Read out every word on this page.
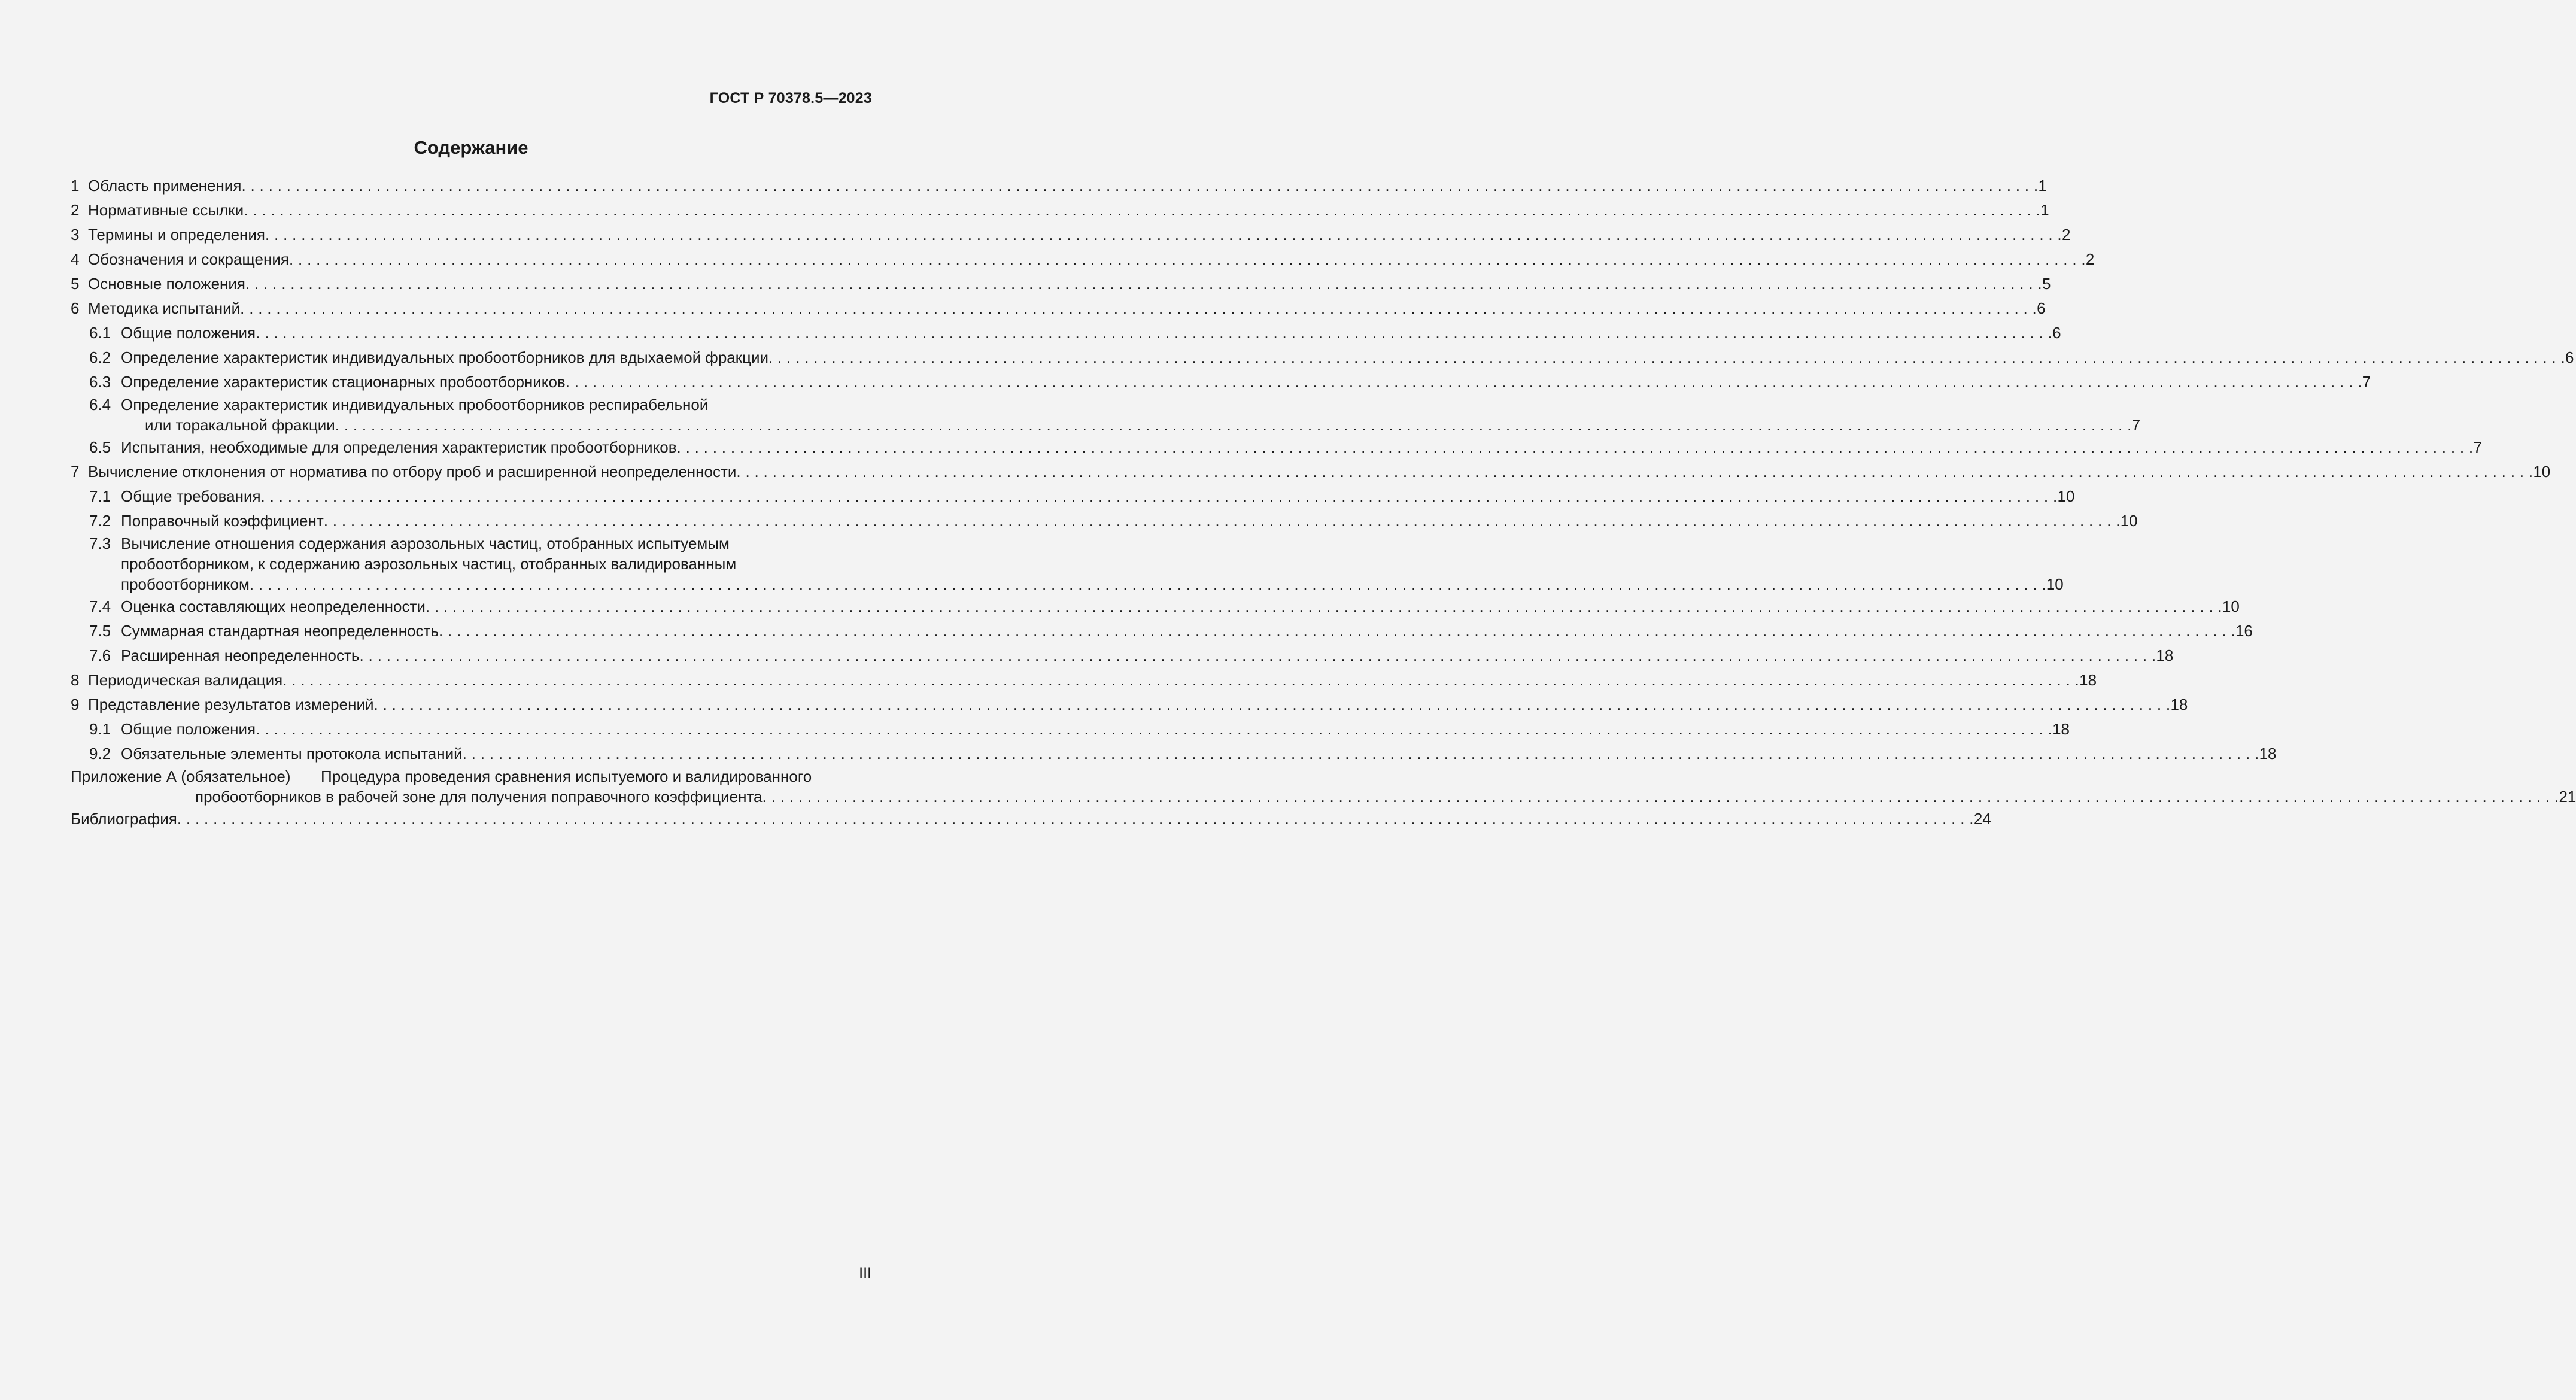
ГОСТ Р 70378.5—2023
Содержание
1 Область применения . . . . . . . . . . . . . . . . . . . . . . . . . . . . . . . . . . . . . . . . . . . . . . . . . . . . . . . . . . . . . . . . . . . . . . . . . . . . . . . . . . . . . . . . . . . . . . . . . . . . . . . . . . . . . . . . . . . . . . . . . . . . . . . . . . . . . . . . . . . . . . . . . . . . . . . . . . . . . . . . . . . . . . . . . . . . . . . . . . . . . . . . . . . . . . . . . . . . . . . . 1
2 Нормативные ссылки . . . . . . . . . . . . . . . . . . . . . . . . . . . . . . . . . . . . . . . . . . . . . . . . . . . . . . . . . . . . . . . . . . . . . . . . . . . . . . . . . . . . . . . . . . . . . . . . . . . . . . . . . . . . . . . . . . . . . . . . . . . . . . . . . . . . . . . . . . . . . . . . . . . . . . . . . . . . . . . . . . . . . . . . . . . . . . . . . . . . . . . . . . . . . . . . . . . . . . . . 1
3 Термины и определения . . . . . . . . . . . . . . . . . . . . . . . . . . . . . . . . . . . . . . . . . . . . . . . . . . . . . . . . . . . . . . . . . . . . . . . . . . . . . . . . . . . . . . . . . . . . . . . . . . . . . . . . . . . . . . . . . . . . . . . . . . . . . . . . . . . . . . . . . . . . . . . . . . . . . . . . . . . . . . . . . . . . . . . . . . . . . . . . . . . . . . . . . . . . . . . . . . . . . . . . 2
4 Обозначения и сокращения . . . . . . . . . . . . . . . . . . . . . . . . . . . . . . . . . . . . . . . . . . . . . . . . . . . . . . . . . . . . . . . . . . . . . . . . . . . . . . . . . . . . . . . . . . . . . . . . . . . . . . . . . . . . . . . . . . . . . . . . . . . . . . . . . . . . . . . . . . . . . . . . . . . . . . . . . . . . . . . . . . . . . . . . . . . . . . . . . . . . . . . . . . . . . . . . . . . . . . . . 2
5 Основные положения . . . . . . . . . . . . . . . . . . . . . . . . . . . . . . . . . . . . . . . . . . . . . . . . . . . . . . . . . . . . . . . . . . . . . . . . . . . . . . . . . . . . . . . . . . . . . . . . . . . . . . . . . . . . . . . . . . . . . . . . . . . . . . . . . . . . . . . . . . . . . . . . . . . . . . . . . . . . . . . . . . . . . . . . . . . . . . . . . . . . . . . . . . . . . . . . . . . . . . . . 5
6 Методика испытаний . . . . . . . . . . . . . . . . . . . . . . . . . . . . . . . . . . . . . . . . . . . . . . . . . . . . . . . . . . . . . . . . . . . . . . . . . . . . . . . . . . . . . . . . . . . . . . . . . . . . . . . . . . . . . . . . . . . . . . . . . . . . . . . . . . . . . . . . . . . . . . . . . . . . . . . . . . . . . . . . . . . . . . . . . . . . . . . . . . . . . . . . . . . . . . . . . . . . . . . . 6
6.1 Общие положения . . . . . . . . . . . . . . . . . . . . . . . . . . . . . . . . . . . . . . . . . . . . . . . . . . . . . . . . . . . . . . . . . . . . . . . . . . . . . . . . . . . . . . . . . . . . . . . . . . . . . . . . . . . . . . . . . . . . . . . . . . . . . . . . . . . . . . . . . . . . . . . . . . . . . . . . . . . . . . . . . . . . . . . . . . . . . . . . . . . . . . . . . . . . . . . . . . . . . . . . 6
6.2 Определение характеристик индивидуальных пробоотборников для вдыхаемой фракции . . . . . . . . . . . . . . . . . . . . . . . . . . . . . . . . . . . . . . . . . . . . . . . . . . . . . . . . . . . . . . . . . . . . . . . . . . . . . . . . . . . . . . . . . . . . . . . . . . . . . . . . . . . . . . . . . . . . . . . . . . . . . . . . . . . . . . . . . . . . . . . . . . . . . . . . . . . . . . . . . . . . . . . . . . . . . . . . . . . . . . . . . . . . . . . . . . . . . . . . 6
6.3 Определение характеристик стационарных пробоотборников . . . . . . . . . . . . . . . . . . . . . . . . . . . . . . . . . . . . . . . . . . . . . . . . . . . . . . . . . . . . . . . . . . . . . . . . . . . . . . . . . . . . . . . . . . . . . . . . . . . . . . . . . . . . . . . . . . . . . . . . . . . . . . . . . . . . . . . . . . . . . . . . . . . . . . . . . . . . . . . . . . . . . . . . . . . . . . . . . . . . . . . . . . . . . . . . . . . . . . . . 7
6.4 Определение характеристик индивидуальных пробоотборников респирабельной
или торакальной фракции . . . . . . . . . . . . . . . . . . . . . . . . . . . . . . . . . . . . . . . . . . . . . . . . . . . . . . . . . . . . . . . . . . . . . . . . . . . . . . . . . . . . . . . . . . . . . . . . . . . . . . . . . . . . . . . . . . . . . . . . . . . . . . . . . . . . . . . . . . . . . . . . . . . . . . . . . . . . . . . . . . . . . . . . . . . . . . . . . . . . . . . . . . . . . . . . . . . . . . . . 7
6.5 Испытания, необходимые для определения характеристик пробоотборников . . . . . . . . . . . . . . . . . . . . . . . . . . . . . . . . . . . . . . . . . . . . . . . . . . . . . . . . . . . . . . . . . . . . . . . . . . . . . . . . . . . . . . . . . . . . . . . . . . . . . . . . . . . . . . . . . . . . . . . . . . . . . . . . . . . . . . . . . . . . . . . . . . . . . . . . . . . . . . . . . . . . . . . . . . . . . . . . . . . . . . . . . . . . . . . . . . . . . . . . 7
7 Вычисление отклонения от норматива по отбору проб и расширенной неопределенности . . . . . . . . . . . . . . . . . . . . . . . . . . . . . . . . . . . . . . . . . . . . . . . . . . . . . . . . . . . . . . . . . . . . . . . . . . . . . . . . . . . . . . . . . . . . . . . . . . . . . . . . . . . . . . . . . . . . . . . . . . . . . . . . . . . . . . . . . . . . . . . . . . . . . . . . . . . . . . . . . . . . . . . . . . . . . . . . . . . . . . . . . . . . . . . . . . . . . . . . 10
7.1 Общие требования . . . . . . . . . . . . . . . . . . . . . . . . . . . . . . . . . . . . . . . . . . . . . . . . . . . . . . . . . . . . . . . . . . . . . . . . . . . . . . . . . . . . . . . . . . . . . . . . . . . . . . . . . . . . . . . . . . . . . . . . . . . . . . . . . . . . . . . . . . . . . . . . . . . . . . . . . . . . . . . . . . . . . . . . . . . . . . . . . . . . . . . . . . . . . . . . . . . . . . . . 10
7.2 Поправочный коэффициент . . . . . . . . . . . . . . . . . . . . . . . . . . . . . . . . . . . . . . . . . . . . . . . . . . . . . . . . . . . . . . . . . . . . . . . . . . . . . . . . . . . . . . . . . . . . . . . . . . . . . . . . . . . . . . . . . . . . . . . . . . . . . . . . . . . . . . . . . . . . . . . . . . . . . . . . . . . . . . . . . . . . . . . . . . . . . . . . . . . . . . . . . . . . . . . . . . . . . . . . 10
7.3 Вычисление отношения содержания аэрозольных частиц, отобранных испытуемым
пробоотборником, к содержанию аэрозольных частиц, отобранных валидированным
пробоотборником . . . . . . . . . . . . . . . . . . . . . . . . . . . . . . . . . . . . . . . . . . . . . . . . . . . . . . . . . . . . . . . . . . . . . . . . . . . . . . . . . . . . . . . . . . . . . . . . . . . . . . . . . . . . . . . . . . . . . . . . . . . . . . . . . . . . . . . . . . . . . . . . . . . . . . . . . . . . . . . . . . . . . . . . . . . . . . . . . . . . . . . . . . . . . . . . . . . . . . . . 10
7.4 Оценка составляющих неопределенности . . . . . . . . . . . . . . . . . . . . . . . . . . . . . . . . . . . . . . . . . . . . . . . . . . . . . . . . . . . . . . . . . . . . . . . . . . . . . . . . . . . . . . . . . . . . . . . . . . . . . . . . . . . . . . . . . . . . . . . . . . . . . . . . . . . . . . . . . . . . . . . . . . . . . . . . . . . . . . . . . . . . . . . . . . . . . . . . . . . . . . . . . . . . . . . . . . . . . . . . 10
7.5 Суммарная стандартная неопределенность . . . . . . . . . . . . . . . . . . . . . . . . . . . . . . . . . . . . . . . . . . . . . . . . . . . . . . . . . . . . . . . . . . . . . . . . . . . . . . . . . . . . . . . . . . . . . . . . . . . . . . . . . . . . . . . . . . . . . . . . . . . . . . . . . . . . . . . . . . . . . . . . . . . . . . . . . . . . . . . . . . . . . . . . . . . . . . . . . . . . . . . . . . . . . . . . . . . . . . . . 16
7.6 Расширенная неопределенность . . . . . . . . . . . . . . . . . . . . . . . . . . . . . . . . . . . . . . . . . . . . . . . . . . . . . . . . . . . . . . . . . . . . . . . . . . . . . . . . . . . . . . . . . . . . . . . . . . . . . . . . . . . . . . . . . . . . . . . . . . . . . . . . . . . . . . . . . . . . . . . . . . . . . . . . . . . . . . . . . . . . . . . . . . . . . . . . . . . . . . . . . . . . . . . . . . . . . . . . 18
8 Периодическая валидация . . . . . . . . . . . . . . . . . . . . . . . . . . . . . . . . . . . . . . . . . . . . . . . . . . . . . . . . . . . . . . . . . . . . . . . . . . . . . . . . . . . . . . . . . . . . . . . . . . . . . . . . . . . . . . . . . . . . . . . . . . . . . . . . . . . . . . . . . . . . . . . . . . . . . . . . . . . . . . . . . . . . . . . . . . . . . . . . . . . . . . . . . . . . . . . . . . . . . . . . 18
9 Представление результатов измерений . . . . . . . . . . . . . . . . . . . . . . . . . . . . . . . . . . . . . . . . . . . . . . . . . . . . . . . . . . . . . . . . . . . . . . . . . . . . . . . . . . . . . . . . . . . . . . . . . . . . . . . . . . . . . . . . . . . . . . . . . . . . . . . . . . . . . . . . . . . . . . . . . . . . . . . . . . . . . . . . . . . . . . . . . . . . . . . . . . . . . . . . . . . . . . . . . . . . . . . . 18
9.1 Общие положения . . . . . . . . . . . . . . . . . . . . . . . . . . . . . . . . . . . . . . . . . . . . . . . . . . . . . . . . . . . . . . . . . . . . . . . . . . . . . . . . . . . . . . . . . . . . . . . . . . . . . . . . . . . . . . . . . . . . . . . . . . . . . . . . . . . . . . . . . . . . . . . . . . . . . . . . . . . . . . . . . . . . . . . . . . . . . . . . . . . . . . . . . . . . . . . . . . . . . . . . 18
9.2 Обязательные элементы протокола испытаний . . . . . . . . . . . . . . . . . . . . . . . . . . . . . . . . . . . . . . . . . . . . . . . . . . . . . . . . . . . . . . . . . . . . . . . . . . . . . . . . . . . . . . . . . . . . . . . . . . . . . . . . . . . . . . . . . . . . . . . . . . . . . . . . . . . . . . . . . . . . . . . . . . . . . . . . . . . . . . . . . . . . . . . . . . . . . . . . . . . . . . . . . . . . . . . . . . . . . . . . 18
Приложение А (обязательное)	Процедура проведения сравнения испытуемого и валидированного
пробоотборников в рабочей зоне для получения поправочного коэффициента . . . . . . . . . . . . . . . . . . . . . . . . . . . . . . . . . . . . . . . . . . . . . . . . . . . . . . . . . . . . . . . . . . . . . . . . . . . . . . . . . . . . . . . . . . . . . . . . . . . . . . . . . . . . . . . . . . . . . . . . . . . . . . . . . . . . . . . . . . . . . . . . . . . . . . . . . . . . . . . . . . . . . . . . . . . . . . . . . . . . . . . . . . . . . . . . . . . . . . . . 21
Библиография . . . . . . . . . . . . . . . . . . . . . . . . . . . . . . . . . . . . . . . . . . . . . . . . . . . . . . . . . . . . . . . . . . . . . . . . . . . . . . . . . . . . . . . . . . . . . . . . . . . . . . . . . . . . . . . . . . . . . . . . . . . . . . . . . . . . . . . . . . . . . . . . . . . . . . . . . . . . . . . . . . . . . . . . . . . . . . . . . . . . . . . . . . . . . . . . . . . . . . . . 24
III
